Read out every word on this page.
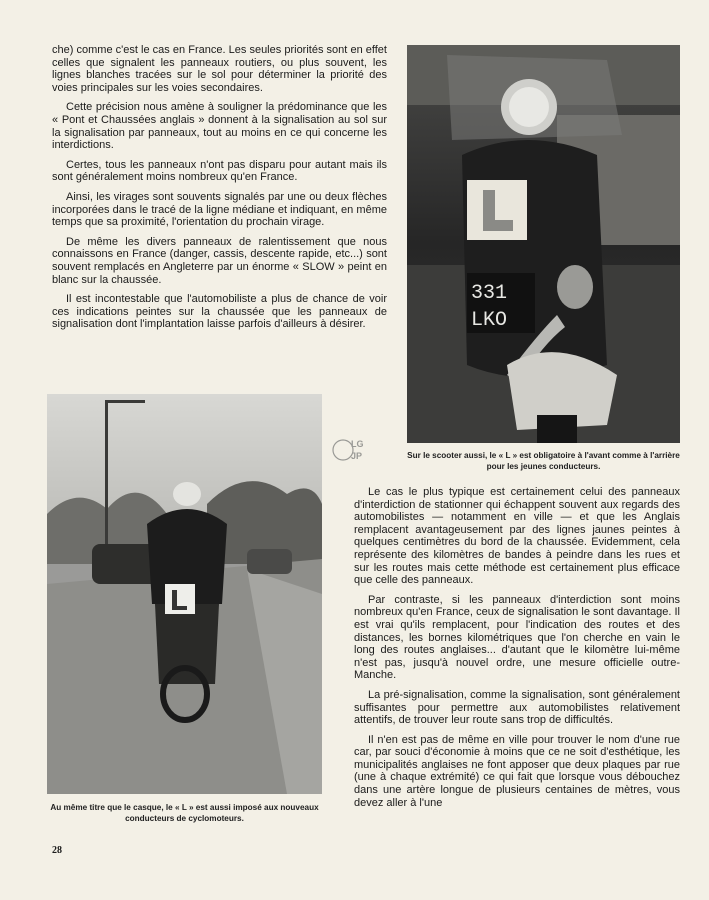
che) comme c'est le cas en France. Les seules priorités sont en effet celles que signalent les panneaux routiers, ou plus souvent, les lignes blanches tracées sur le sol pour déterminer la priorité des voies principales sur les voies secondaires.

Cette précision nous amène à souligner la prédominance que les « Pont et Chaussées anglais » donnent à la signalisation au sol sur la signalisation par panneaux, tout au moins en ce qui concerne les interdictions.

Certes, tous les panneaux n'ont pas disparu pour autant mais ils sont généralement moins nombreux qu'en France.

Ainsi, les virages sont souvents signalés par une ou deux flèches incorporées dans le tracé de la ligne médiane et indiquant, en même temps que sa proximité, l'orientation du prochain virage.

De même les divers panneaux de ralentissement que nous connaissons en France (danger, cassis, descente rapide, etc...) sont souvent remplacés en Angleterre par un énorme « SLOW » peint en blanc sur la chaussée.

Il est incontestable que l'automobiliste a plus de chance de voir ces indications peintes sur la chaussée que les panneaux de signalisation dont l'implantation laisse parfois d'ailleurs à désirer.

331
LKO
Sur le scooter aussi, le « L » est obligatoire à l'avant comme à l'arrière pour les jeunes conducteurs.
LG
JP

Le cas le plus typique est certainement celui des panneaux d'interdiction de stationner qui échappent souvent aux regards des automobilistes — notamment en ville — et que les Anglais remplacent avantageusement par des lignes jaunes peintes à quelques centimètres du bord de la chaussée. Evidemment, cela représente des kilomètres de bandes à peindre dans les rues et sur les routes mais cette méthode est certainement plus efficace que celle des panneaux.

Par contraste, si les panneaux d'interdiction sont moins nombreux qu'en France, ceux de signalisation le sont davantage. Il est vrai qu'ils remplacent, pour l'indication des routes et des distances, les bornes kilométriques que l'on cherche en vain le long des routes anglaises... d'autant que le kilomètre lui-même n'est pas, jusqu'à nouvel ordre, une mesure officielle outre-Manche.

La pré-signalisation, comme la signalisation, sont généralement suffisantes pour permettre aux automobilistes relativement attentifs, de trouver leur route sans trop de difficultés.

Il n'en est pas de même en ville pour trouver le nom d'une rue car, par souci d'économie à moins que ce ne soit d'esthétique, les municipalités anglaises ne font apposer que deux plaques par rue (une à chaque extrémité) ce qui fait que lorsque vous débouchez dans une artère longue de plusieurs centaines de mètres, vous devez aller à l'une

Au même titre que le casque, le « L » est aussi imposé aux nouveaux conducteurs de cyclomoteurs.
28
